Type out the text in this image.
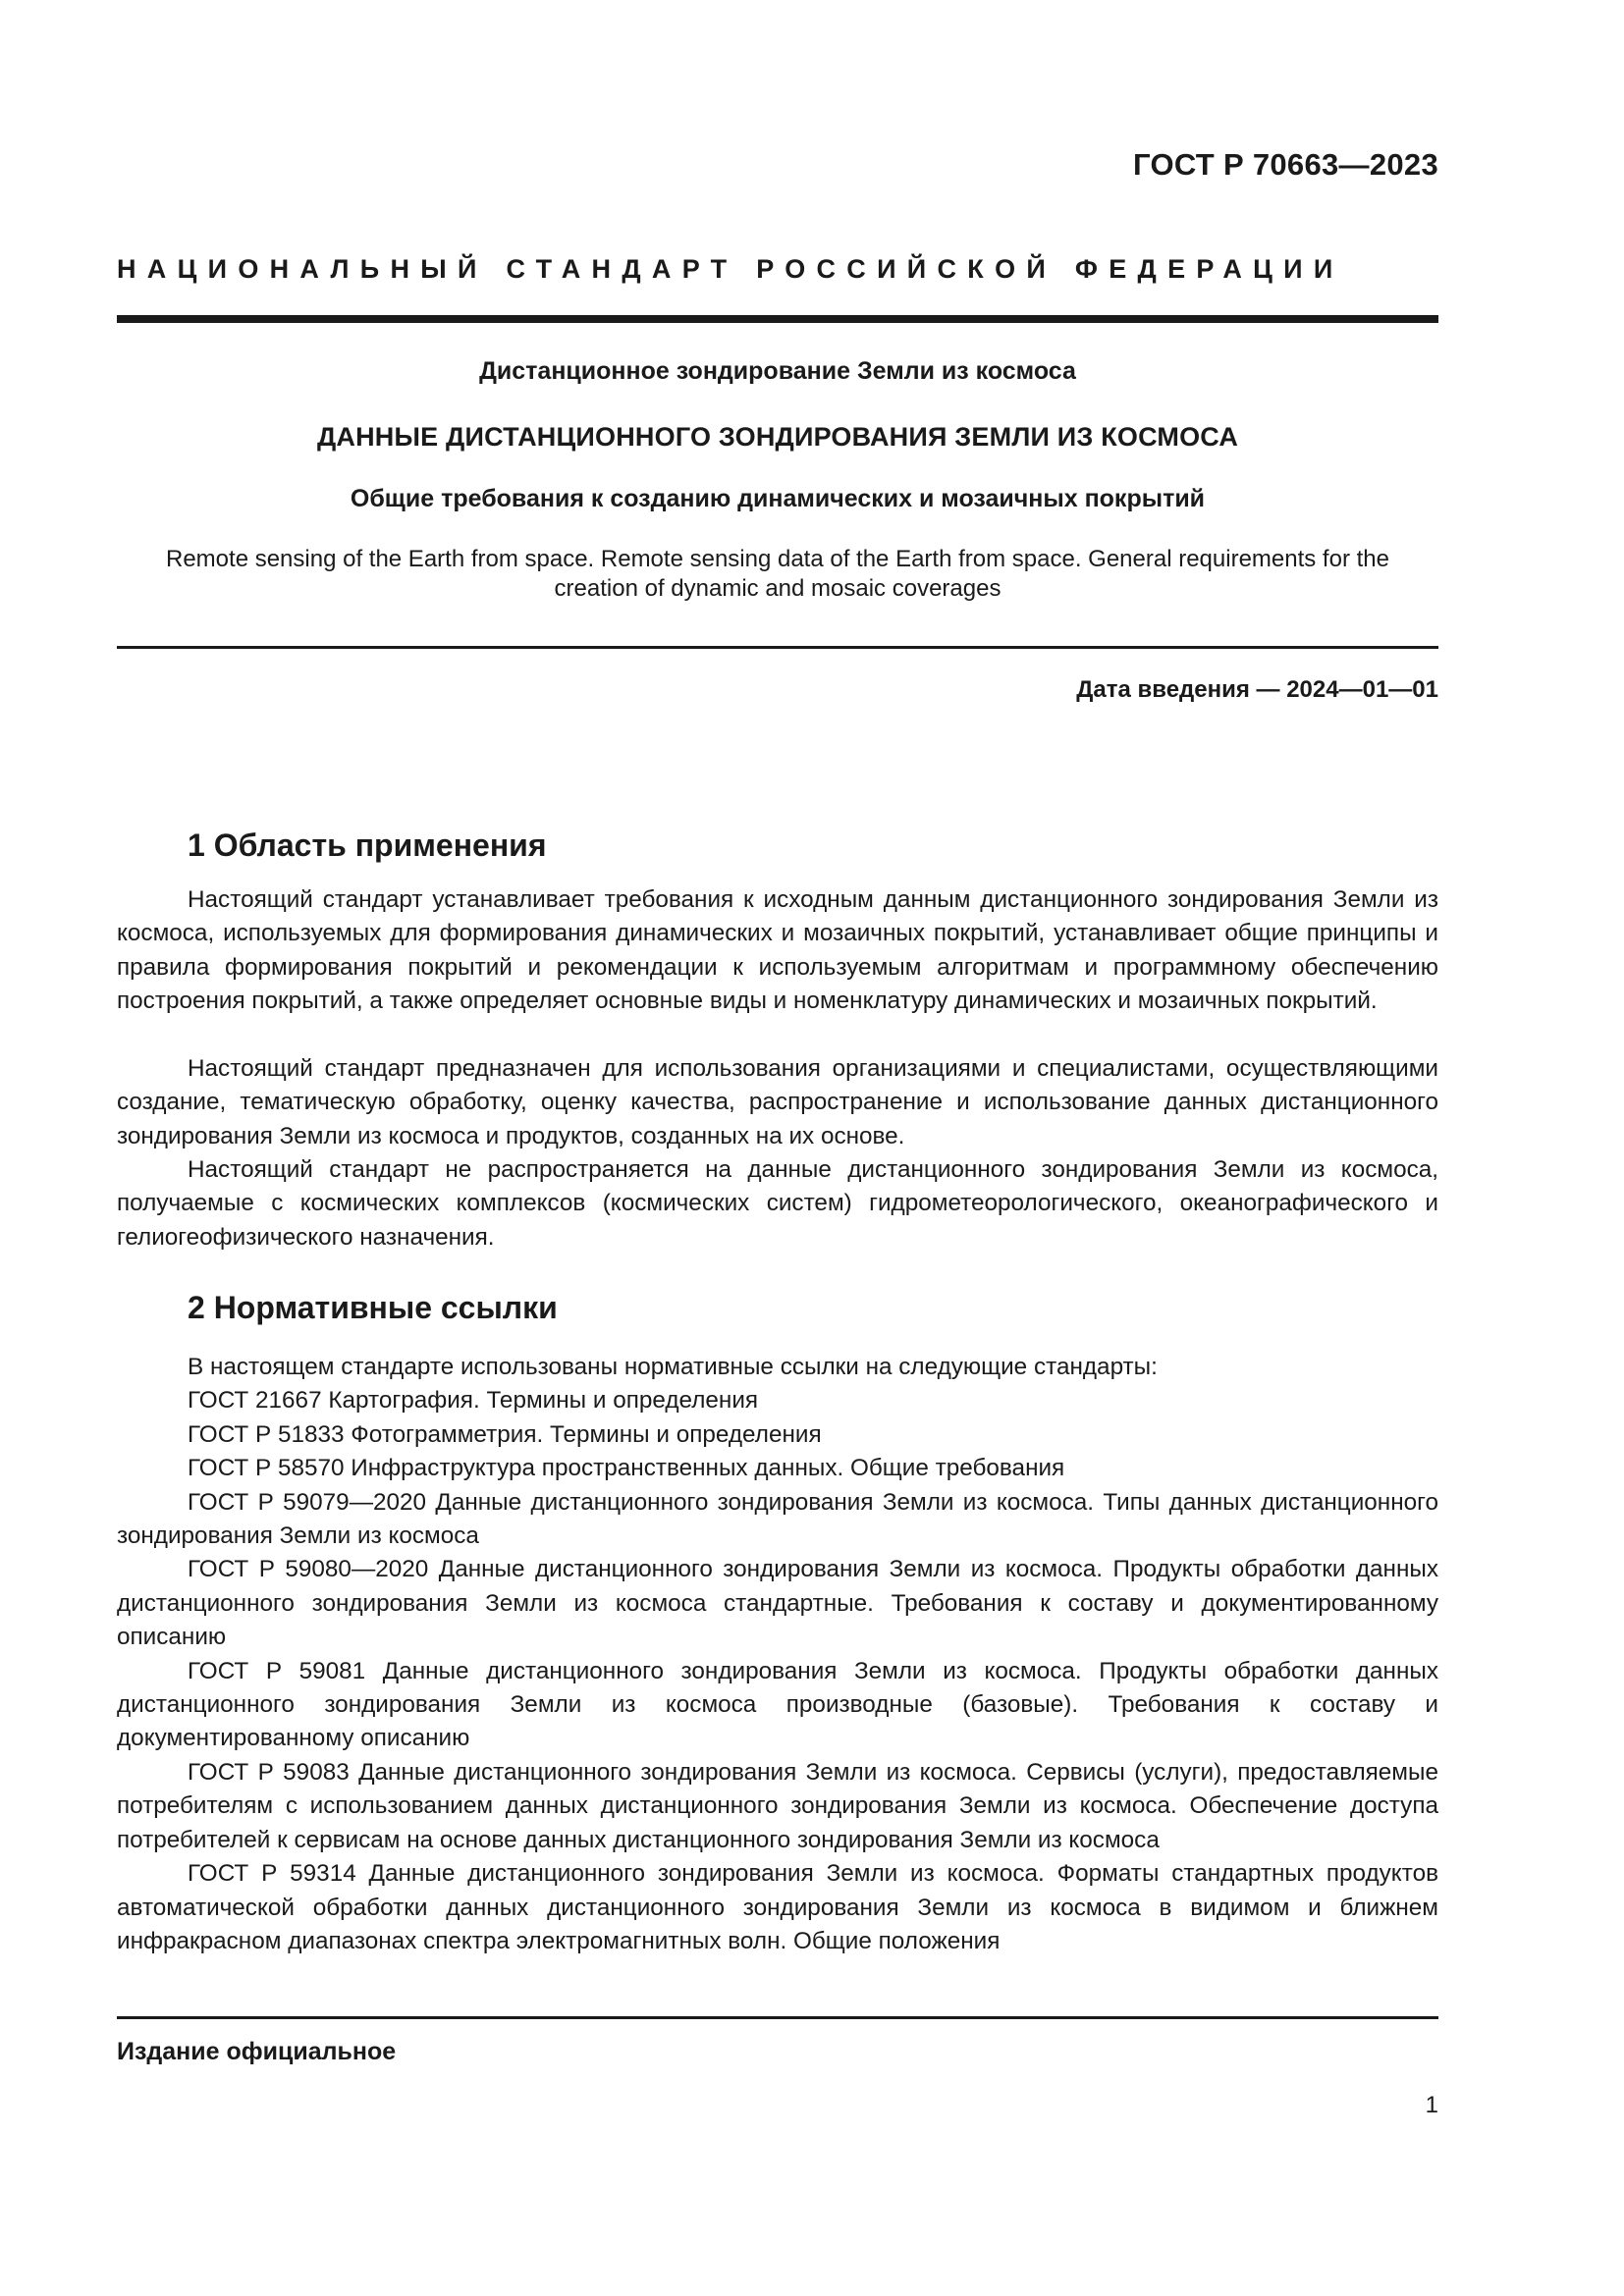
ГОСТ Р 70663—2023
НАЦИОНАЛЬНЫЙ СТАНДАРТ РОССИЙСКОЙ ФЕДЕРАЦИИ
Дистанционное зондирование Земли из космоса
ДАННЫЕ ДИСТАНЦИОННОГО ЗОНДИРОВАНИЯ ЗЕМЛИ ИЗ КОСМОСА
Общие требования к созданию динамических и мозаичных покрытий
Remote sensing of the Earth from space. Remote sensing data of the Earth from space. General requirements for the creation of dynamic and mosaic coverages
Дата введения — 2024—01—01
1 Область применения

Настоящий стандарт устанавливает требования к исходным данным дистанционного зондирования Земли из космоса, используемых для формирования динамических и мозаичных покрытий, устанавливает общие принципы и правила формирования покрытий и рекомендации к используемым алгоритмам и программному обеспечению построения покрытий, а также определяет основные виды и номенклатуру динамических и мозаичных покрытий.

Настоящий стандарт предназначен для использования организациями и специалистами, осуществляющими создание, тематическую обработку, оценку качества, распространение и использование данных дистанционного зондирования Земли из космоса и продуктов, созданных на их основе.

Настоящий стандарт не распространяется на данные дистанционного зондирования Земли из космоса, получаемые с космических комплексов (космических систем) гидрометеорологического, океанографического и гелиогеофизического назначения.

2 Нормативные ссылки

В настоящем стандарте использованы нормативные ссылки на следующие стандарты:

ГОСТ 21667 Картография. Термины и определения

ГОСТ Р 51833 Фотограмметрия. Термины и определения

ГОСТ Р 58570 Инфраструктура пространственных данных. Общие требования

ГОСТ Р 59079—2020 Данные дистанционного зондирования Земли из космоса. Типы данных дистанционного зондирования Земли из космоса

ГОСТ Р 59080—2020 Данные дистанционного зондирования Земли из космоса. Продукты обработки данных дистанционного зондирования Земли из космоса стандартные. Требования к составу и документированному описанию

ГОСТ Р 59081 Данные дистанционного зондирования Земли из космоса. Продукты обработки данных дистанционного зондирования Земли из космоса производные (базовые). Требования к составу и документированному описанию

ГОСТ Р 59083 Данные дистанционного зондирования Земли из космоса. Сервисы (услуги), предоставляемые потребителям с использованием данных дистанционного зондирования Земли из космоса. Обеспечение доступа потребителей к сервисам на основе данных дистанционного зондирования Земли из космоса

ГОСТ Р 59314 Данные дистанционного зондирования Земли из космоса. Форматы стандартных продуктов автоматической обработки данных дистанционного зондирования Земли из космоса в видимом и ближнем инфракрасном диапазонах спектра электромагнитных волн. Общие положения

Издание официальное
1
